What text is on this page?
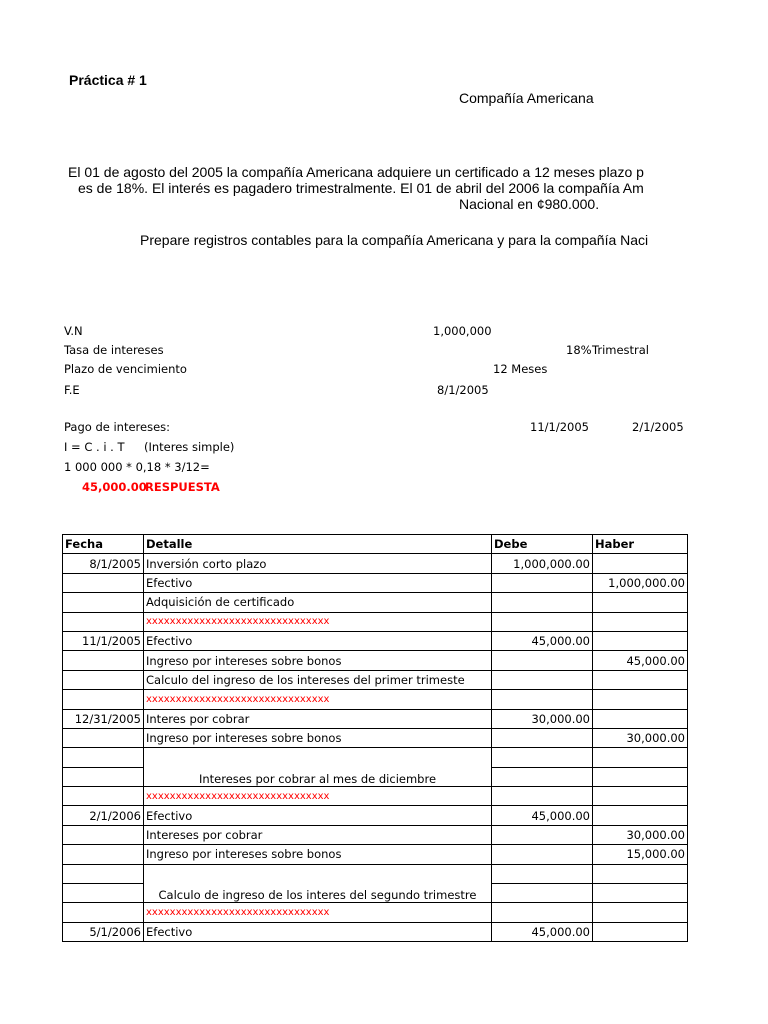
Práctica # 1
Compañía Americana
El 01 de agosto del 2005 la compañía Americana adquiere un certificado a 12 meses plazo p
es de 18%. El interés es pagadero trimestralmente. El 01 de abril del 2006 la compañía Am
Nacional en ¢980.000.
Prepare registros contables para la compañía Americana y para la compañía Naci
V.N	1,000,000
Tasa de intereses	18% Trimestral
Plazo de vencimiento	12 Meses
F.E	8/1/2005
Pago de intereses:	11/1/2005	2/1/2005
I = C . i . T (Interes simple)
1 000 000 * 0,18 * 3/12=
45,000.00
RESPUESTA
Fecha	Detalle	Debe	Haber
8/1/2005	Inversión corto plazo	1,000,000.00	
	Efectivo		1,000,000.00
	Adquisición de certificado		
	xxxxxxxxxxxxxxxxxxxxxxxxxxxxxxx		
11/1/2005	Efectivo	45,000.00	
	Ingreso por intereses sobre bonos		45,000.00
	Calculo del ingreso de los intereses del primer trimeste		
	xxxxxxxxxxxxxxxxxxxxxxxxxxxxxxx		
12/31/2005	Interes por cobrar	30,000.00	
	Ingreso por intereses sobre bonos		30,000.00
	Intereses por cobrar al mes de diciembre		

	xxxxxxxxxxxxxxxxxxxxxxxxxxxxxxx		
2/1/2006	Efectivo	45,000.00	
	Intereses por cobrar		30,000.00
	Ingreso por intereses sobre bonos		15,000.00
	Calculo de ingreso de los interes del segundo trimestre		

	xxxxxxxxxxxxxxxxxxxxxxxxxxxxxxx		
5/1/2006	Efectivo	45,000.00	
